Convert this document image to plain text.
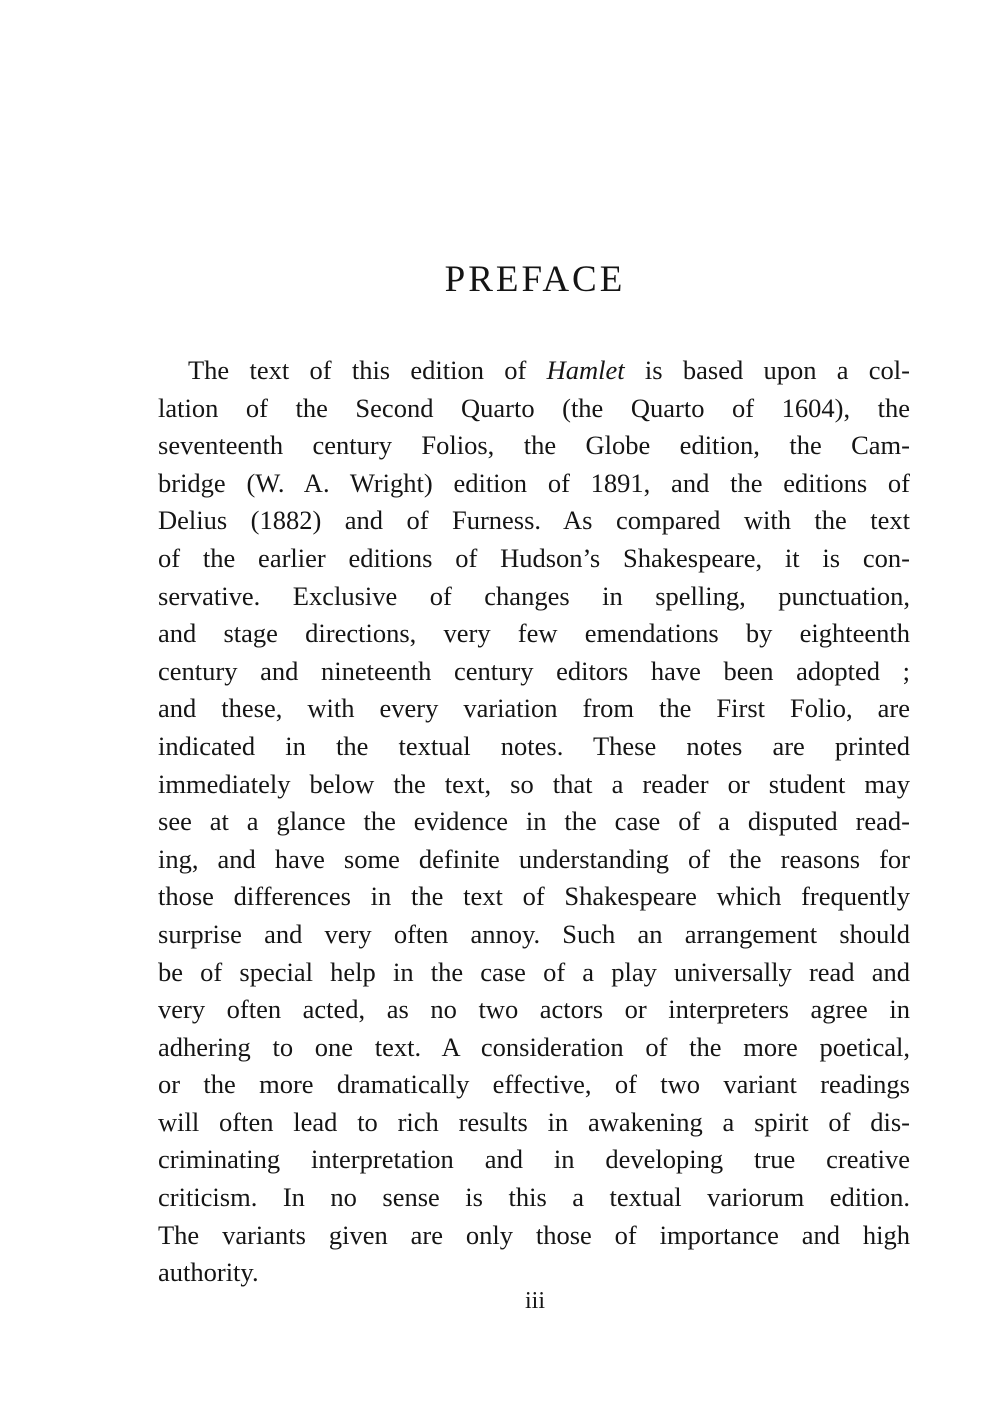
PREFACE
The text of this edition of Hamlet is based upon a col-
lation of the Second Quarto (the Quarto of 1604), the
seventeenth century Folios, the Globe edition, the Cam-
bridge (W. A. Wright) edition of 1891, and the editions of
Delius (1882) and of Furness. As compared with the text
of the earlier editions of Hudson’s Shakespeare, it is con-
servative. Exclusive of changes in spelling, punctuation,
and stage directions, very few emendations by eighteenth
century and nineteenth century editors have been adopted ;
and these, with every variation from the First Folio, are
indicated in the textual notes. These notes are printed
immediately below the text, so that a reader or student may
see at a glance the evidence in the case of a disputed read-
ing, and have some definite understanding of the reasons for
those differences in the text of Shakespeare which frequently
surprise and very often annoy. Such an arrangement should
be of special help in the case of a play universally read and
very often acted, as no two actors or interpreters agree in
adhering to one text. A consideration of the more poetical,
or the more dramatically effective, of two variant readings
will often lead to rich results in awakening a spirit of dis-
criminating interpretation and in developing true creative
criticism. In no sense is this a textual variorum edition.
The variants given are only those of importance and high
authority.

iii
